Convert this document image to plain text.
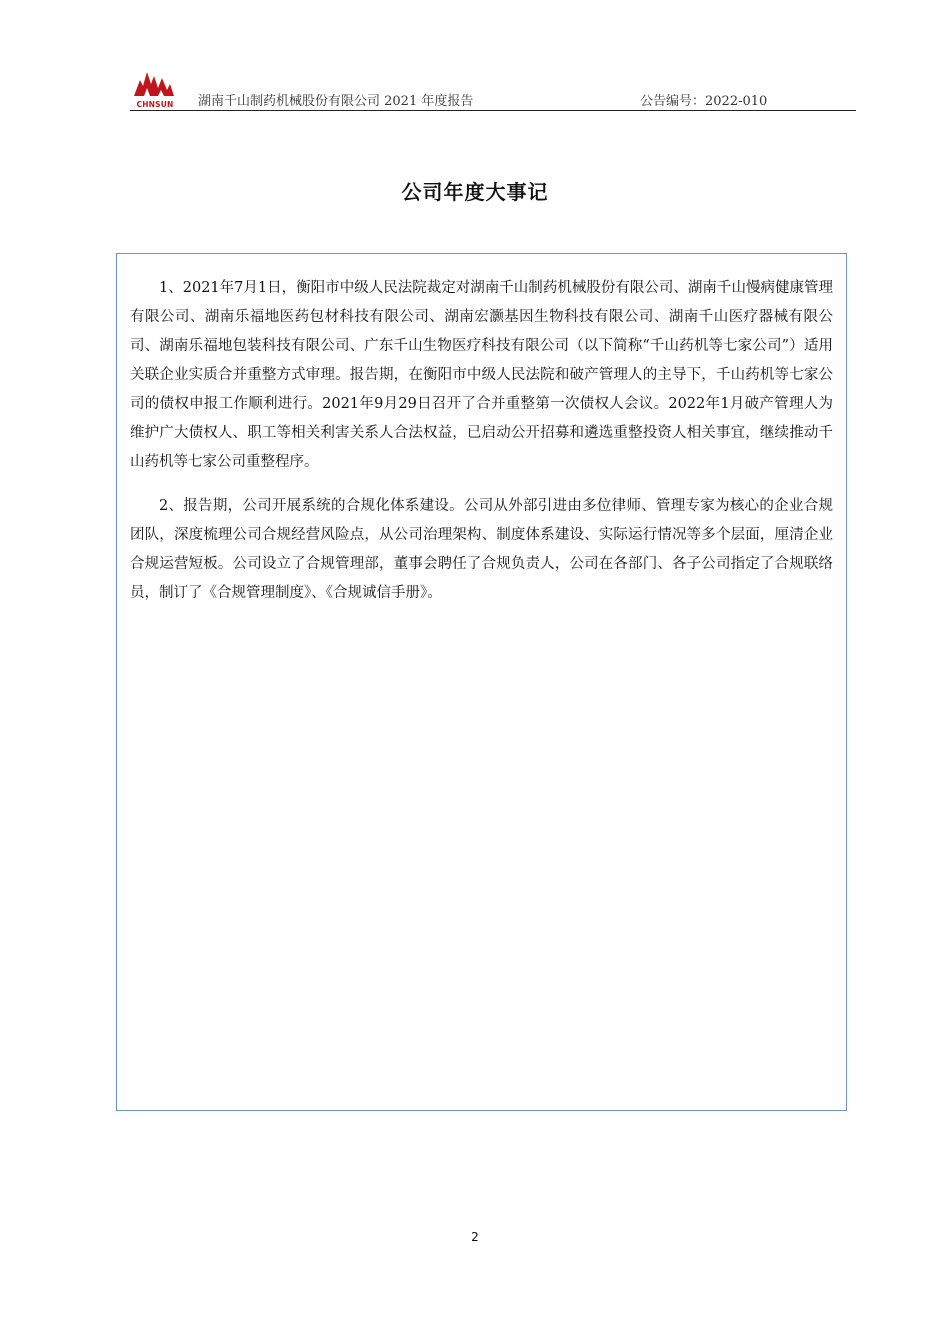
CHNSUN	湖南千山制药机械股份有限公司 2021 年度报告	公告编号：2022-010
公司年度大事记

1、2021年7月1日，衡阳市中级人民法院裁定对湖南千山制药机械股份有限公司、湖南千山慢病健康管理有限公司、湖南乐福地医药包材科技有限公司、湖南宏灏基因生物科技有限公司、湖南千山医疗器械有限公司、湖南乐福地包装科技有限公司、广东千山生物医疗科技有限公司（以下简称“千山药机等七家公司”）适用关联企业实质合并重整方式审理。报告期，在衡阳市中级人民法院和破产管理人的主导下，千山药机等七家公司的债权申报工作顺利进行。2021年9月29日召开了合并重整第一次债权人会议。2022年1月破产管理人为维护广大债权人、职工等相关利害关系人合法权益，已启动公开招募和遴选重整投资人相关事宜，继续推动千山药机等七家公司重整程序。

2、报告期，公司开展系统的合规化体系建设。公司从外部引进由多位律师、管理专家为核心的企业合规团队，深度梳理公司合规经营风险点，从公司治理架构、制度体系建设、实际运行情况等多个层面，厘清企业合规运营短板。公司设立了合规管理部，董事会聘任了合规负责人，公司在各部门、各子公司指定了合规联络员，制订了《合规管理制度》、《合规诚信手册》。

2
